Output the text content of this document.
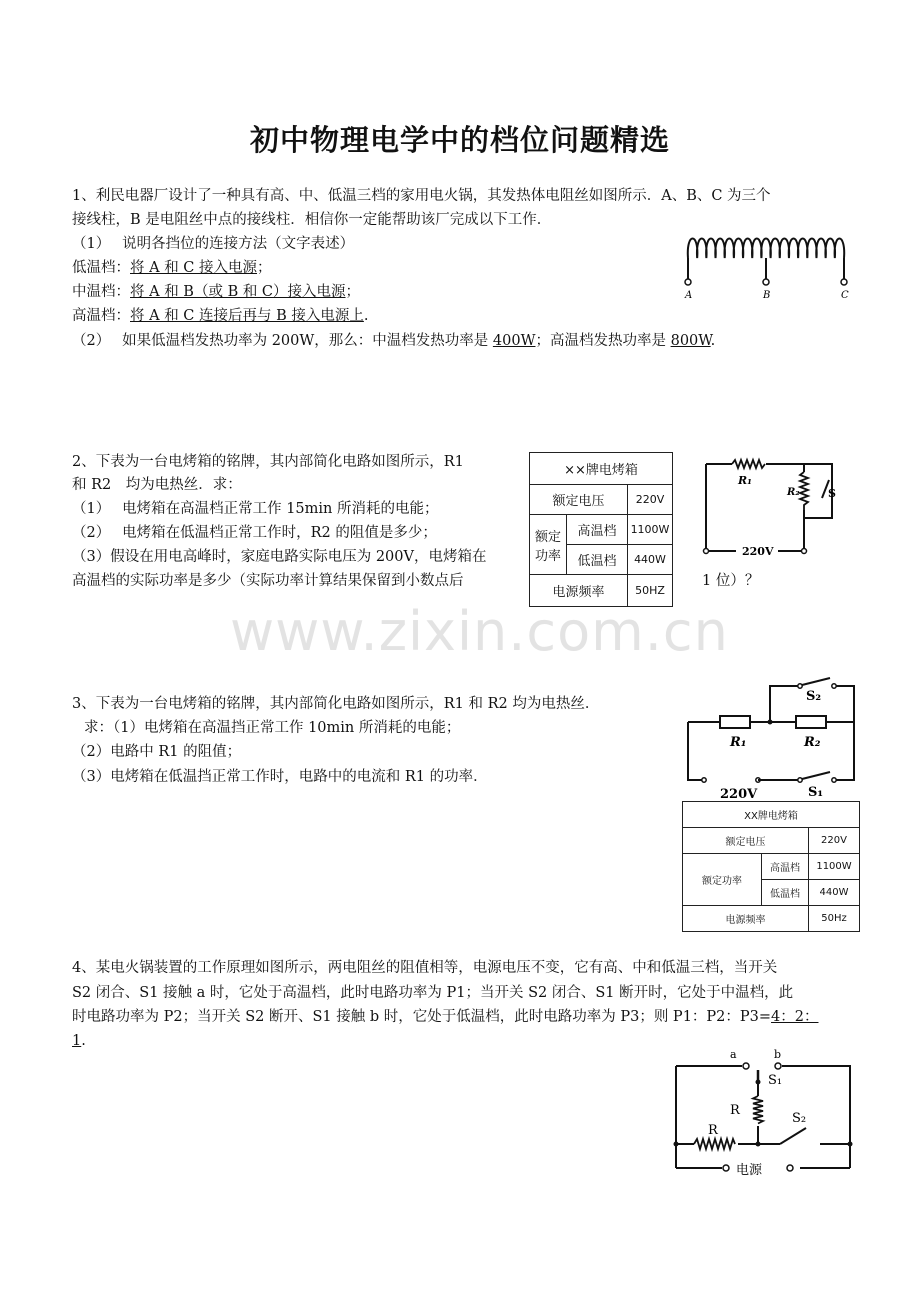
初中物理电学中的档位问题精选
1、利民电器厂设计了一种具有高、中、低温三档的家用电火锅，其发热体电阻丝如图所示．A、B、C 为三个
接线柱，B 是电阻丝中点的接线柱．相信你一定能帮助该厂完成以下工作．
（1）　 说明各挡位的连接方法（文字表述）
低温档：将 A 和 C 接入电源；
中温档：将 A 和 B（或 B 和 C）接入电源；
高温档：将 A 和 C 连接后再与 B 接入电源上.
（2）　 如果低温档发热功率为 200W，那么：中温档发热功率是 400W；高温档发热功率是 800W.
A	B	C
2、下表为一台电烤箱的铭牌，其内部简化电路如图所示，R1
和 R2　均为电热丝．求：
（1）　 电烤箱在高温档正常工作 15min 所消耗的电能；
（2）　 电烤箱在低温档正常工作时，R2 的阻值是多少；
（3）假设在用电高峰时，家庭电路实际电压为 200V，电烤箱在
高温档的实际功率是多少（实际功率计算结果保留到小数点后	1 位）？
××牌电烤箱		
额定电压		220V
额定功率	高温档	1100W
	低温档	440W
电源频率		50HZ
R₁
R₂	S
220V
www.zixin.com.cn
3、下表为一台电烤箱的铭牌，其内部简化电路如图所示，R1 和 R2 均为电热丝．
求：（1）电烤箱在高温挡正常工作 10min 所消耗的电能；
（2）电路中 R1 的阻值；
（3）电烤箱在低温挡正常工作时，电路中的电流和 R1 的功率．
R₁	R₂
S₂
S₁
220V
XX牌电烤箱		
额定电压		220V
额定功率	高温档	1100W
	低温档	440W
电源频率		50Hz
4、某电火锅装置的工作原理如图所示，两电阻丝的阻值相等，电源电压不变，它有高、中和低温三档，当开关
S2 闭合、S1 接触 a 时，它处于高温档，此时电路功率为 P1；当开关 S2 闭合、S1 断开时，它处于中温档，此
时电路功率为 P2；当开关 S2 断开、S1 接触 b 时，它处于低温档，此时电路功率为 P3；则 P1：P2：P3=4：2：
1.
a	b
S₁
R
R
S₂
电源
